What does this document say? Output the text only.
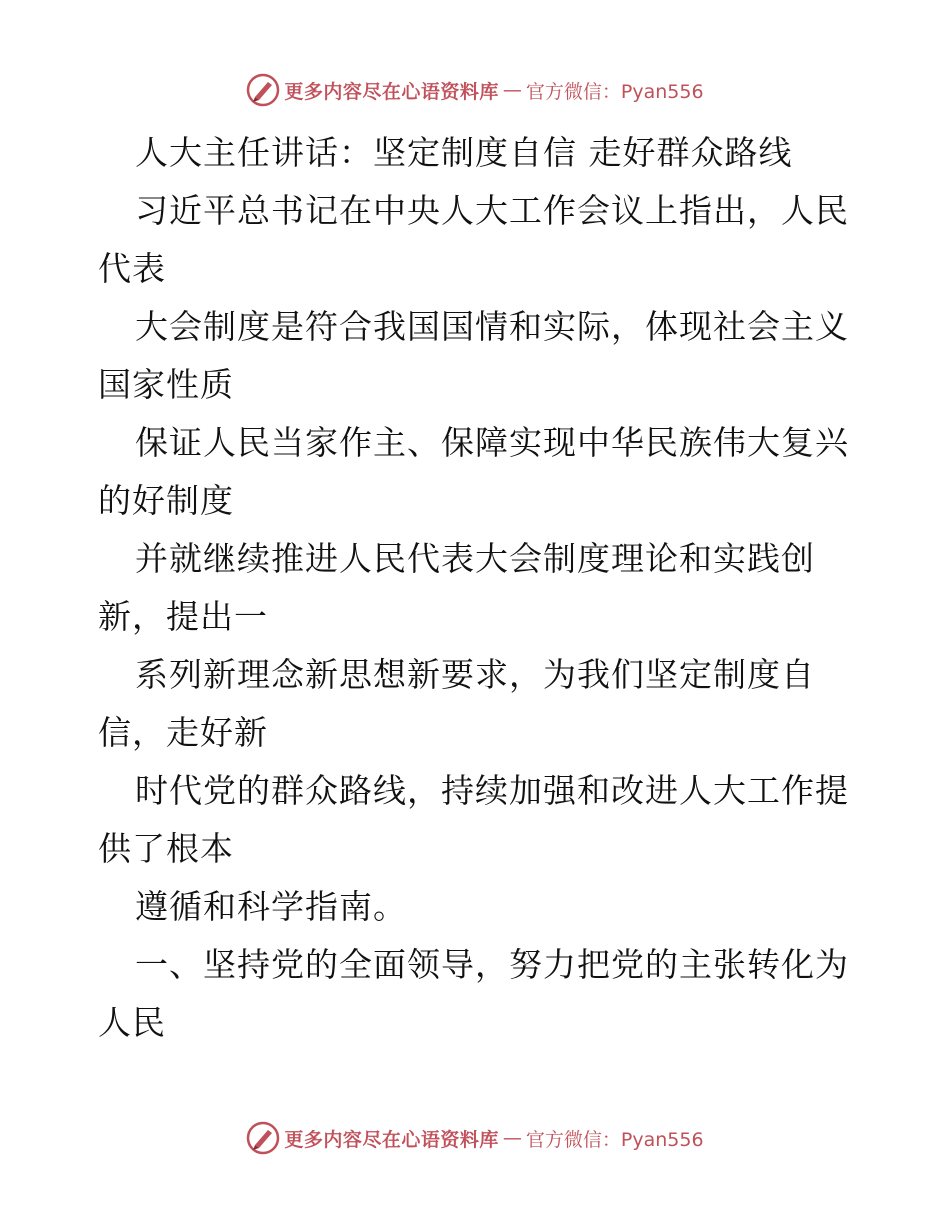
更多内容尽在心语资料库 — 官方微信：Pyan556

人大主任讲话：坚定制度自信 走好群众路线

习近平总书记在中央人大工作会议上指出，人民代表

大会制度是符合我国国情和实际，体现社会主义国家性质

保证人民当家作主、保障实现中华民族伟大复兴的好制度

并就继续推进人民代表大会制度理论和实践创新，提出一

系列新理念新思想新要求，为我们坚定制度自信，走好新

时代党的群众路线，持续加强和改进人大工作提供了根本

遵循和科学指南。

一、坚持党的全面领导，努力把党的主张转化为人民

更多内容尽在心语资料库 — 官方微信：Pyan556
